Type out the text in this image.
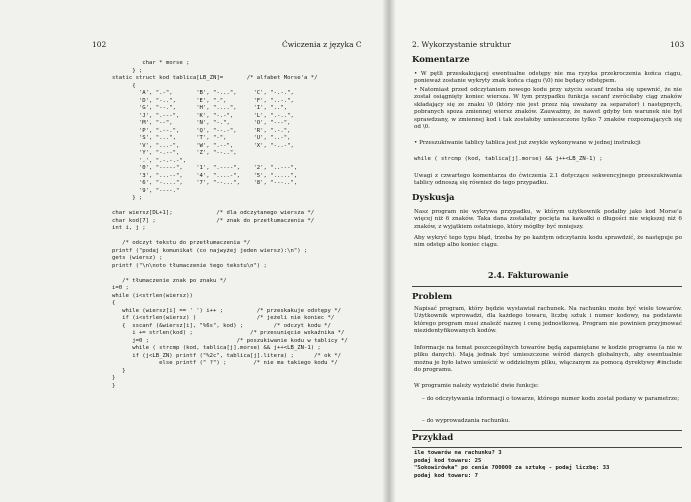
102	Ćwiczenia z języka C
char * morse ;
} ;
static struct kod tablica[LB_ZN]=       /* alfabet Morse'a */
{
'A', ".-",       'B', "-...",     'C', "-.-.",
'D', "-..",      'E', ".",        'F', "..-.",
'G', "--.",      'H', "....",     'I', "..",
'J', ".---",     'K', "-.-",      'L', ".-..",
'M', "--",       'N', "-.",       'O', "---",
'P', ".--.",     'Q', "--.-",     'R', ".-.",
'S', "...",      'T', "-",        'U', "..-",
'V', "...-",     'W', ".--",      'X', "-..-",
'Y', "-.--",     'Z', "--..",
'.', ".-.-.-",
'0', "-----",    '1', ".----",    '2', "..---",
'3', "...--",    '4', "....-",    '5', ".....",
'6', "-....",    '7', "--...",    '8', "---..",
'9', "----."
} ;

char wiersz[DL+1];             /* dla odczytanego wiersza */
char kod[7] ;                  /* znak do przetłumaczenia */
int i, j ;

/* odczyt tekstu do przetłumaczenia */
printf ("podaj komunikat (co najwyżej jeden wiersz):\n") ;
gets (wiersz) ;
printf ("\n\noto tłumaczenie tego tekstu\n") ;

/* tłumaczenie znak po znaku */
i=0 ;
while (i<strlen(wiersz))
{
while (wiersz[i] == ' ') i++ ;          /* przeskakuje odstępy */
if (i<strlen(wiersz) )                  /* jeżeli nie koniec */
{  sscanf (&wiersz[i], "%6s", kod) ;         /* odczyt kodu */
i += strlen(kod) ;                 /* przesunięcie wskaźnika */
j=0 ;                          /* poszukiwanie kodu w tablicy */
while ( strcmp (kod, tablica[j].morse) && j++<LB_ZN-1) ;
if (j<LB_ZN) printf ("%2c", tablica[j].litera) ;      /* ok */
else printf (" ?") ;        /* nie ma takiego kodu */
}
}
}
2. Wykorzystanie struktur	103
Komentarze
• W pętli przeskakującej ewentualne odstępy nie ma ryzyka przekroczenia końca ciągu, ponieważ zostanie wykryty znak końca ciągu (\0) nie będący odstępem.
• Natomiast przed odczytaniem nowego kodu przy użyciu sscanf trzeba się upewnić, że nie został osiągnięty koniec wiersza. W tym przypadku funkcja sscanf zwróciłaby ciąg znaków składający się ze znaku \0 (który nie jest przez nią uważany za separator) i następnych, pobranych spoza zmiennej wiersz znaków. Zauważmy, że nawet gdyby ten warunek nie był sprawdzany, w zmiennej kod i tak zostałoby umieszczone tylko 7 znaków rozpoznających się od \0.
• Przeszukiwanie tablicy tablica jest już zwykle wykonywane w jednej instrukcji
while ( strcmp (kod, tablica[j].morse) && j++<LB_ZN-1) ;
Uwagi z czwartego komentarza do ćwiczenia 2.1 dotyczące sekwencyjnego przeszukiwania tablicy odnoszą się również do tego przypadku.
Dyskusja
Nasz program nie wykrywa przypadku, w którym użytkownik podałby jako kod Morse'a więcej niż 6 znaków. Taka dana zostałaby pocięta na kawałki o długości nie większej niż 6 znaków, z wyjątkiem ostatniego, który mógłby być mniejszy.
Aby wykryć tego typu błąd, trzeba by po każdym odczytaniu kodu sprawdzić, że następuje po nim odstęp albo koniec ciągu.
2.4. Fakturowanie
Problem
Napisać program, który będzie wystawiał rachunek. Na rachunku może być wiele towarów. Użytkownik wprowadzi, dla każdego towaru, liczbę sztuk i numer kodowy, na podstawie którego program musi znaleźć nazwę i cenę jednostkową. Program nie powinien przyjmować niezidentyfikowanych kodów.
Informacje na temat poszczególnych towarów będą zapamiętane w kodzie programu (a nie w pliku danych). Mają jednak być umieszczone wśród danych globalnych, aby ewentualnie można je było łatwo umieścić w oddzielnym pliku, włączanym za pomocą dyrektywy #include do programu.
W programie należy wydzielić dwie funkcje:
– do odczytywania informacji o towarze, którego numer kodu został podany w parametrze;
– do wyprowadzania rachunku.
Przykład
ile towarów na rachunku? 3
podaj kod towaru: 25
"Sokowirówka" po cenie 700000 za sztukę - podaj liczbę: 33
podaj kod towaru: 7
